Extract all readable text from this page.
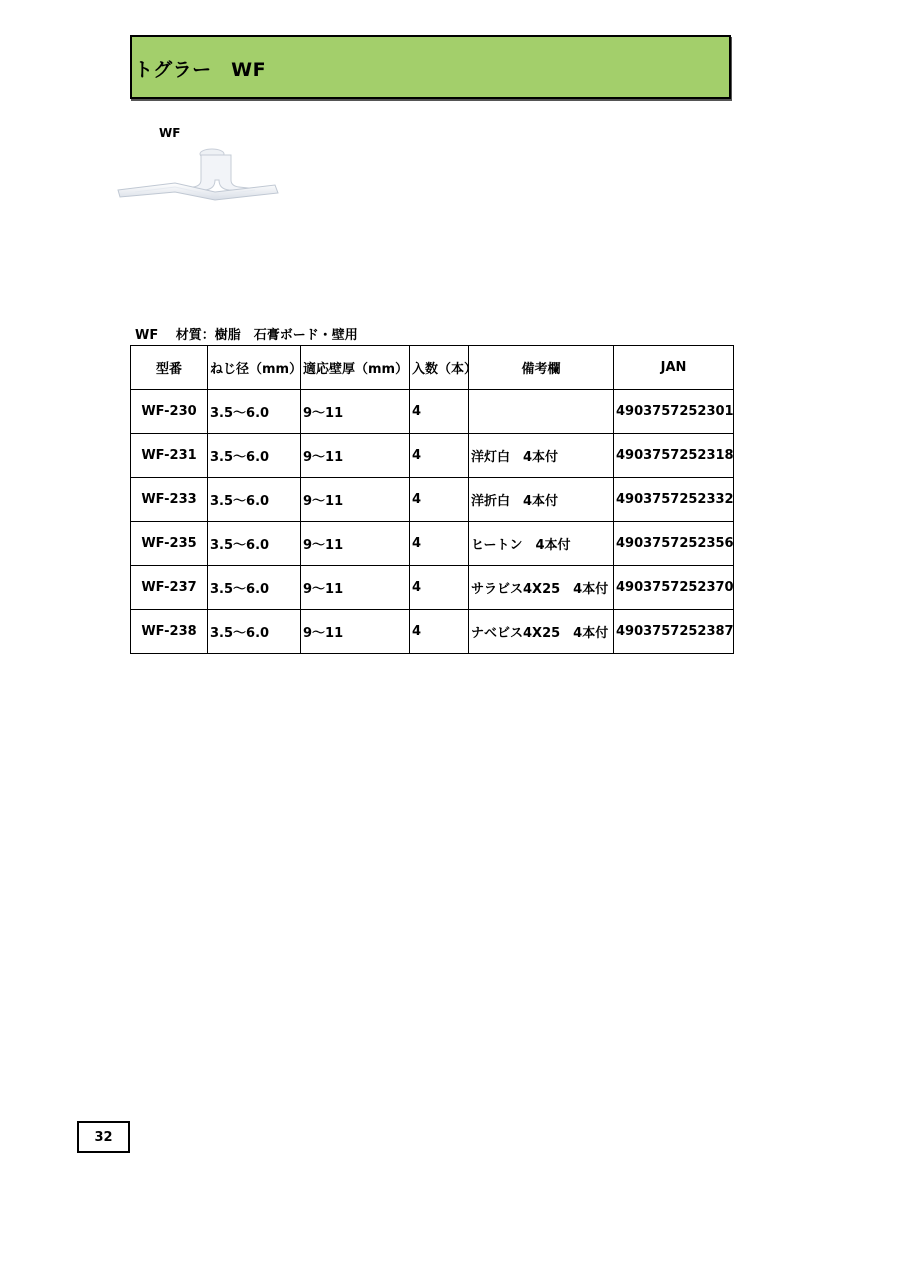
トグラー　WF
WF
WF　 材質：樹脂　石膏ボード・壁用
型番	ねじ径（mm）	適応壁厚（mm）	入数（本）	備考欄	JAN
WF-230	3.5～6.0	9～11	4		4903757252301
WF-231	3.5～6.0	9～11	4	洋灯白　4本付	4903757252318
WF-233	3.5～6.0	9～11	4	洋折白　4本付	4903757252332
WF-235	3.5～6.0	9～11	4	ヒートン　4本付	4903757252356
WF-237	3.5～6.0	9～11	4	サラビス4X25　4本付	4903757252370
WF-238	3.5～6.0	9～11	4	ナベビス4X25　4本付	4903757252387
32
